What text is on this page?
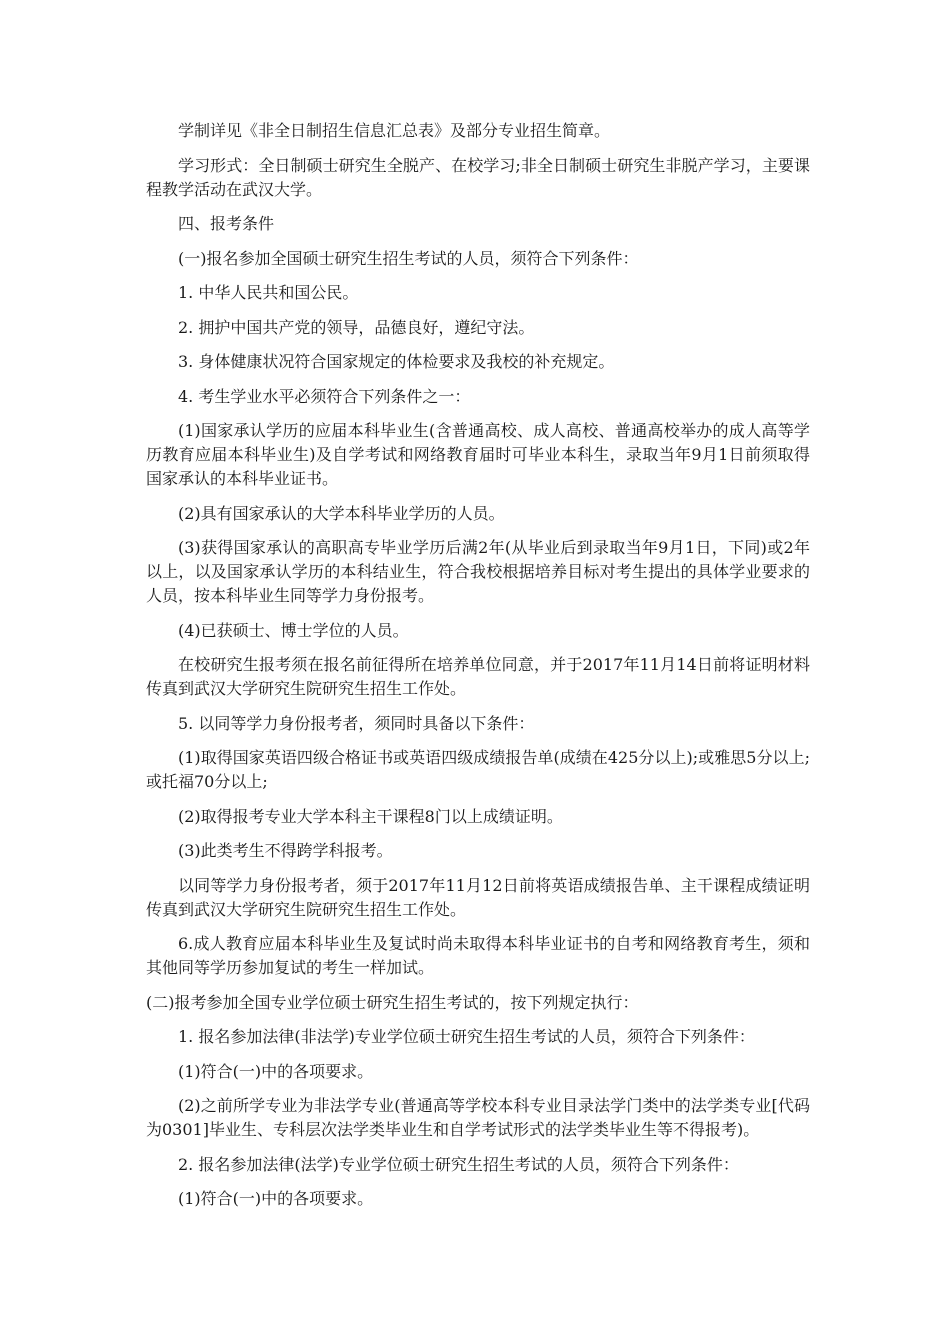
学制详见《非全日制招生信息汇总表》及部分专业招生简章。

学习形式：全日制硕士研究生全脱产、在校学习;非全日制硕士研究生非脱产学习，主要课程教学活动在武汉大学。

四、报考条件

(一)报名参加全国硕士研究生招生考试的人员，须符合下列条件：

1. 中华人民共和国公民。

2. 拥护中国共产党的领导，品德良好，遵纪守法。

3. 身体健康状况符合国家规定的体检要求及我校的补充规定。

4. 考生学业水平必须符合下列条件之一：

(1)国家承认学历的应届本科毕业生(含普通高校、成人高校、普通高校举办的成人高等学历教育应届本科毕业生)及自学考试和网络教育届时可毕业本科生，录取当年9月1日前须取得国家承认的本科毕业证书。

(2)具有国家承认的大学本科毕业学历的人员。

(3)获得国家承认的高职高专毕业学历后满2年(从毕业后到录取当年9月1日，下同)或2年以上，以及国家承认学历的本科结业生，符合我校根据培养目标对考生提出的具体学业要求的人员，按本科毕业生同等学力身份报考。

(4)已获硕士、博士学位的人员。

在校研究生报考须在报名前征得所在培养单位同意，并于2017年11月14日前将证明材料传真到武汉大学研究生院研究生招生工作处。

5. 以同等学力身份报考者，须同时具备以下条件：

(1)取得国家英语四级合格证书或英语四级成绩报告单(成绩在425分以上);或雅思5分以上;或托福70分以上;

(2)取得报考专业大学本科主干课程8门以上成绩证明。

(3)此类考生不得跨学科报考。

以同等学力身份报考者，须于2017年11月12日前将英语成绩报告单、主干课程成绩证明传真到武汉大学研究生院研究生招生工作处。

6.成人教育应届本科毕业生及复试时尚未取得本科毕业证书的自考和网络教育考生，须和其他同等学历参加复试的考生一样加试。

(二)报考参加全国专业学位硕士研究生招生考试的，按下列规定执行：

1. 报名参加法律(非法学)专业学位硕士研究生招生考试的人员，须符合下列条件：

(1)符合(一)中的各项要求。

(2)之前所学专业为非法学专业(普通高等学校本科专业目录法学门类中的法学类专业[代码为0301]毕业生、专科层次法学类毕业生和自学考试形式的法学类毕业生等不得报考)。

2. 报名参加法律(法学)专业学位硕士研究生招生考试的人员，须符合下列条件：

(1)符合(一)中的各项要求。
